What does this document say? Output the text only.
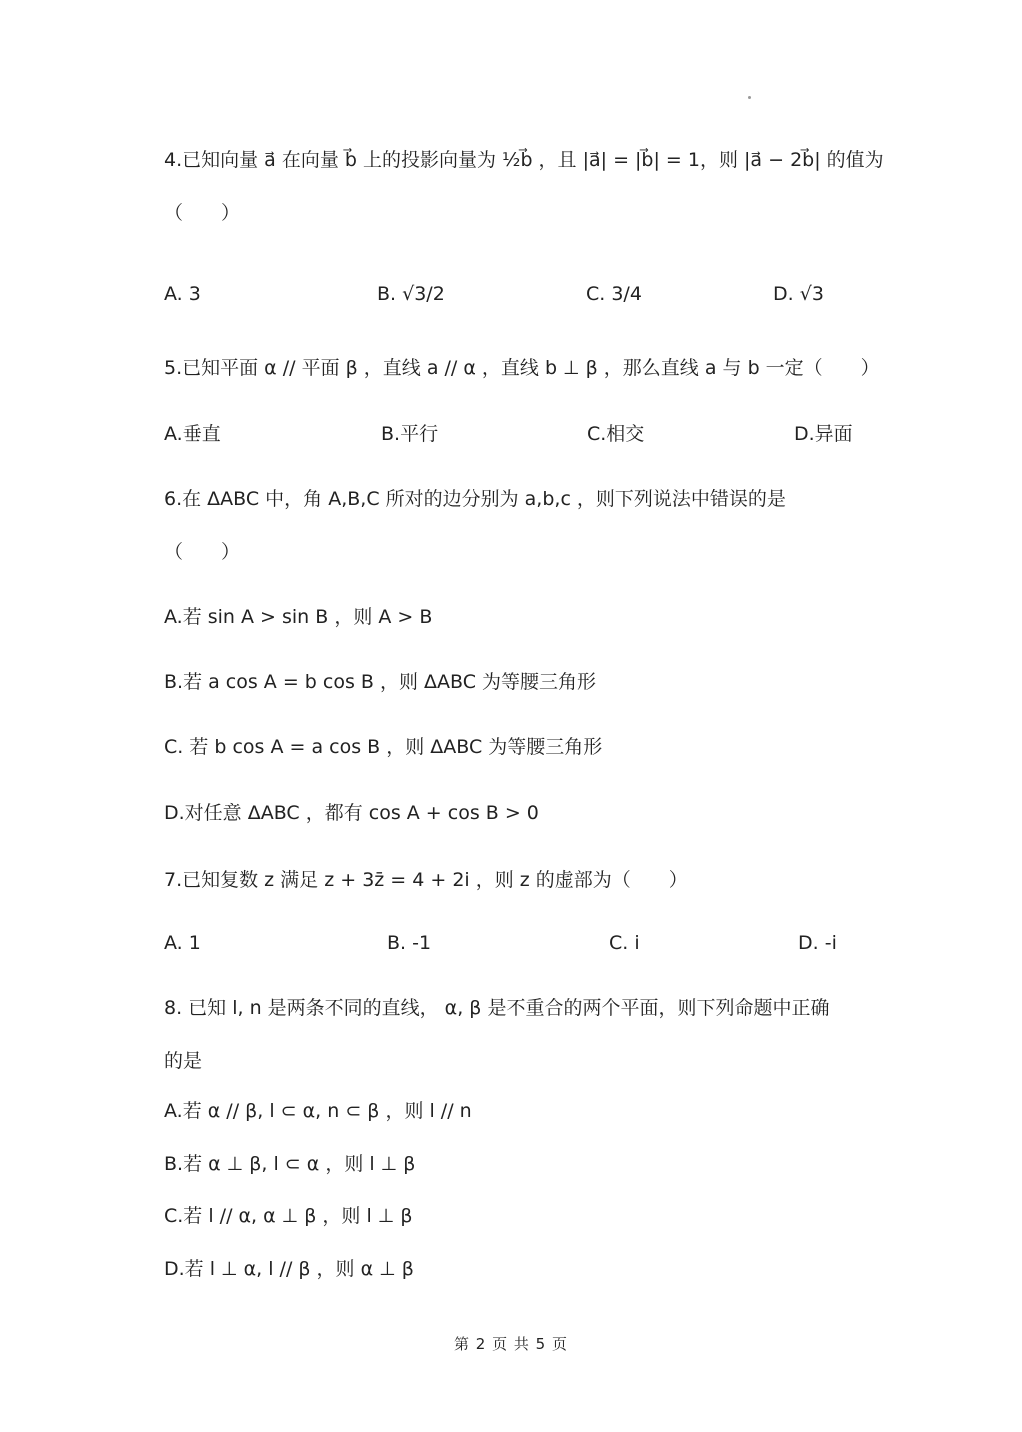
4.已知向量 a⃗ 在向量 b⃗ 上的投影向量为 ½b⃗ ，且 |a⃗| = |b⃗| = 1，则 |a⃗ − 2b⃗| 的值为
（　　）
A. 3	B. √3/2	C. 3/4	D. √3
5.已知平面 α // 平面 β ，直线 a // α ，直线 b ⊥ β ，那么直线 a 与 b 一定（　　）
A.垂直	B.平行	C.相交	D.异面
6.在 ΔABC 中，角 A,B,C 所对的边分别为 a,b,c ，则下列说法中错误的是
（　　）
A.若 sin A > sin B ，则 A > B
B.若 a cos A = b cos B ，则 ΔABC 为等腰三角形
C. 若 b cos A = a cos B ，则 ΔABC 为等腰三角形
D.对任意 ΔABC ，都有 cos A + cos B > 0
7.已知复数 z 满足 z + 3z̄ = 4 + 2i ，则 z 的虚部为（　　）
A. 1	B. -1	C. i	D. -i
8. 已知 l, n 是两条不同的直线， α, β 是不重合的两个平面，则下列命题中正确
的是
A.若 α // β, l ⊂ α, n ⊂ β ，则 l // n
B.若 α ⊥ β, l ⊂ α ，则 l ⊥ β
C.若 l // α, α ⊥ β ，则 l ⊥ β
D.若 l ⊥ α, l // β ，则 α ⊥ β
第 2 页 共 5 页
